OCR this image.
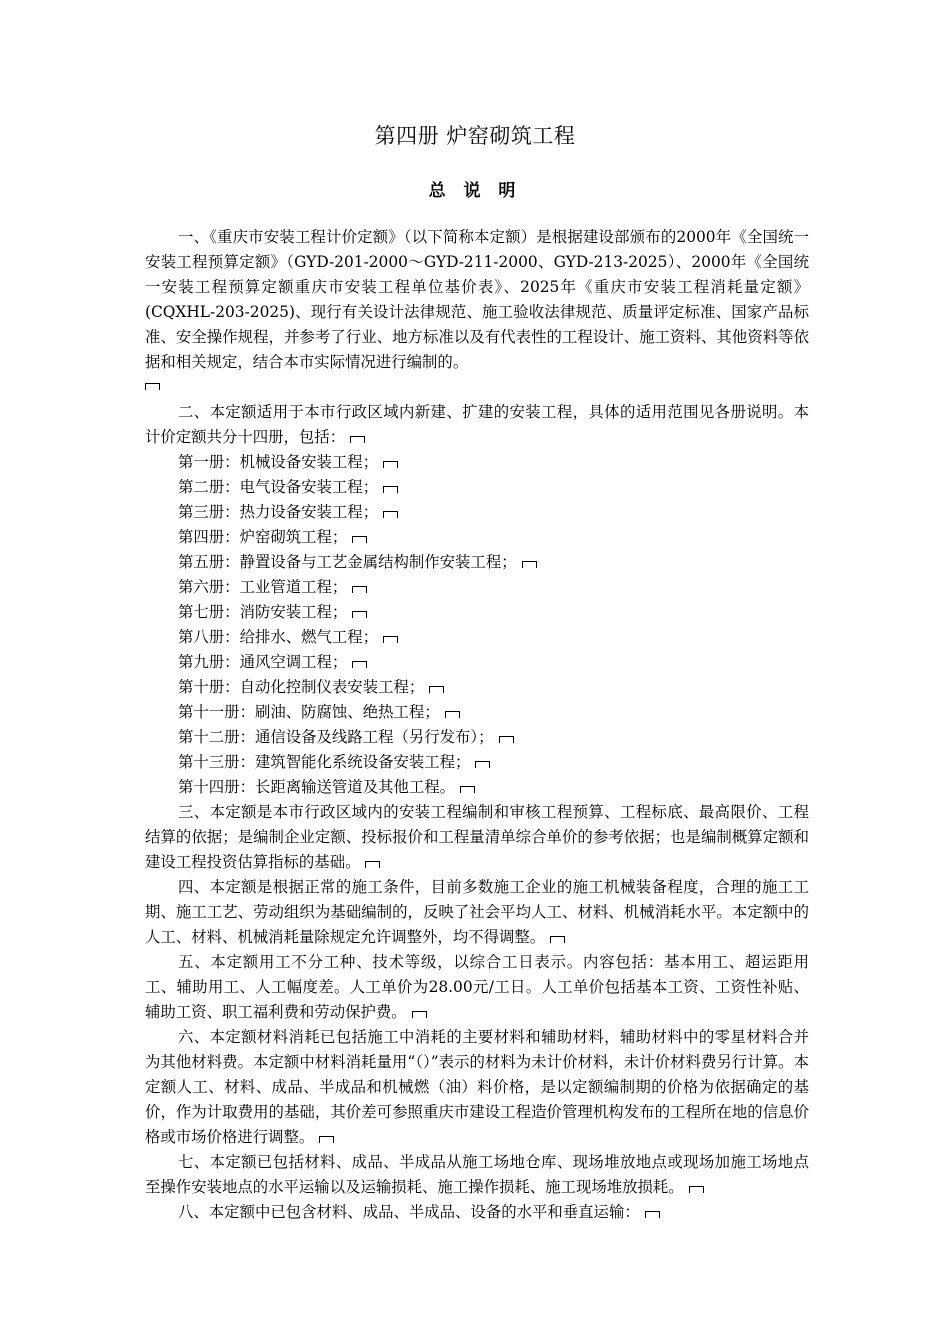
第四册 炉窑砌筑工程
总 说 明

一、《重庆市安装工程计价定额》（以下简称本定额）是根据建设部颁布的2000年《全国统一安装工程预算定额》（GYD-201-2000～GYD-211-2000、GYD-213-2025）、2000年《全国统一安装工程预算定额重庆市安装工程单位基价表》、2025年《重庆市安装工程消耗量定额》(CQXHL-203-2025)、现行有关设计法律规范、施工验收法律规范、质量评定标准、国家产品标准、安全操作规程，并参考了行业、地方标准以及有代表性的工程设计、施工资料、其他资料等依据和相关规定，结合本市实际情况进行编制的。

二、本定额适用于本市行政区域内新建、扩建的安装工程，具体的适用范围见各册说明。本计价定额共分十四册，包括：

第一册：机械设备安装工程；

第二册：电气设备安装工程；

第三册：热力设备安装工程；

第四册：炉窑砌筑工程；

第五册：静置设备与工艺金属结构制作安装工程；

第六册：工业管道工程；

第七册：消防安装工程；

第八册：给排水、燃气工程；

第九册：通风空调工程；

第十册：自动化控制仪表安装工程；

第十一册：刷油、防腐蚀、绝热工程；

第十二册：通信设备及线路工程（另行发布）；

第十三册：建筑智能化系统设备安装工程；

第十四册：长距离输送管道及其他工程。

三、本定额是本市行政区域内的安装工程编制和审核工程预算、工程标底、最高限价、工程结算的依据；是编制企业定额、投标报价和工程量清单综合单价的参考依据；也是编制概算定额和建设工程投资估算指标的基础。

四、本定额是根据正常的施工条件，目前多数施工企业的施工机械装备程度，合理的施工工期、施工工艺、劳动组织为基础编制的，反映了社会平均人工、材料、机械消耗水平。本定额中的人工、材料、机械消耗量除规定允许调整外，均不得调整。

五、本定额用工不分工种、技术等级，以综合工日表示。内容包括：基本用工、超运距用工、辅助用工、人工幅度差。人工单价为28.00元/工日。人工单价包括基本工资、工资性补贴、辅助工资、职工福利费和劳动保护费。

六、本定额材料消耗已包括施工中消耗的主要材料和辅助材料，辅助材料中的零星材料合并为其他材料费。本定额中材料消耗量用“（）”表示的材料为未计价材料，未计价材料费另行计算。本定额人工、材料、成品、半成品和机械燃（油）料价格，是以定额编制期的价格为依据确定的基价，作为计取费用的基础，其价差可参照重庆市建设工程造价管理机构发布的工程所在地的信息价格或市场价格进行调整。

七、本定额已包括材料、成品、半成品从施工场地仓库、现场堆放地点或现场加施工场地点至操作安装地点的水平运输以及运输损耗、施工操作损耗、施工现场堆放损耗。

八、本定额中已包含材料、成品、半成品、设备的水平和垂直运输：
